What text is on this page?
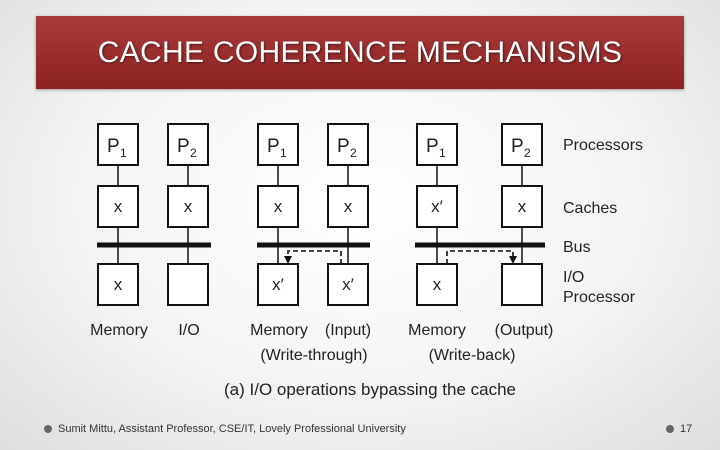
CACHE COHERENCE MECHANISMS
P 1	P 2
x	x
x
Memory I/O
P 1	P 2
x	x
x′	x′
Memory (Input)
(Write-through)
P 1	P 2
x′	x
x
Memory (Output)
(Write-back)
Processors
Caches
Bus
I/O
Processor
(a) I/O operations bypassing the cache
Sumit Mittu, Assistant Professor, CSE/IT, Lovely Professional University	17
